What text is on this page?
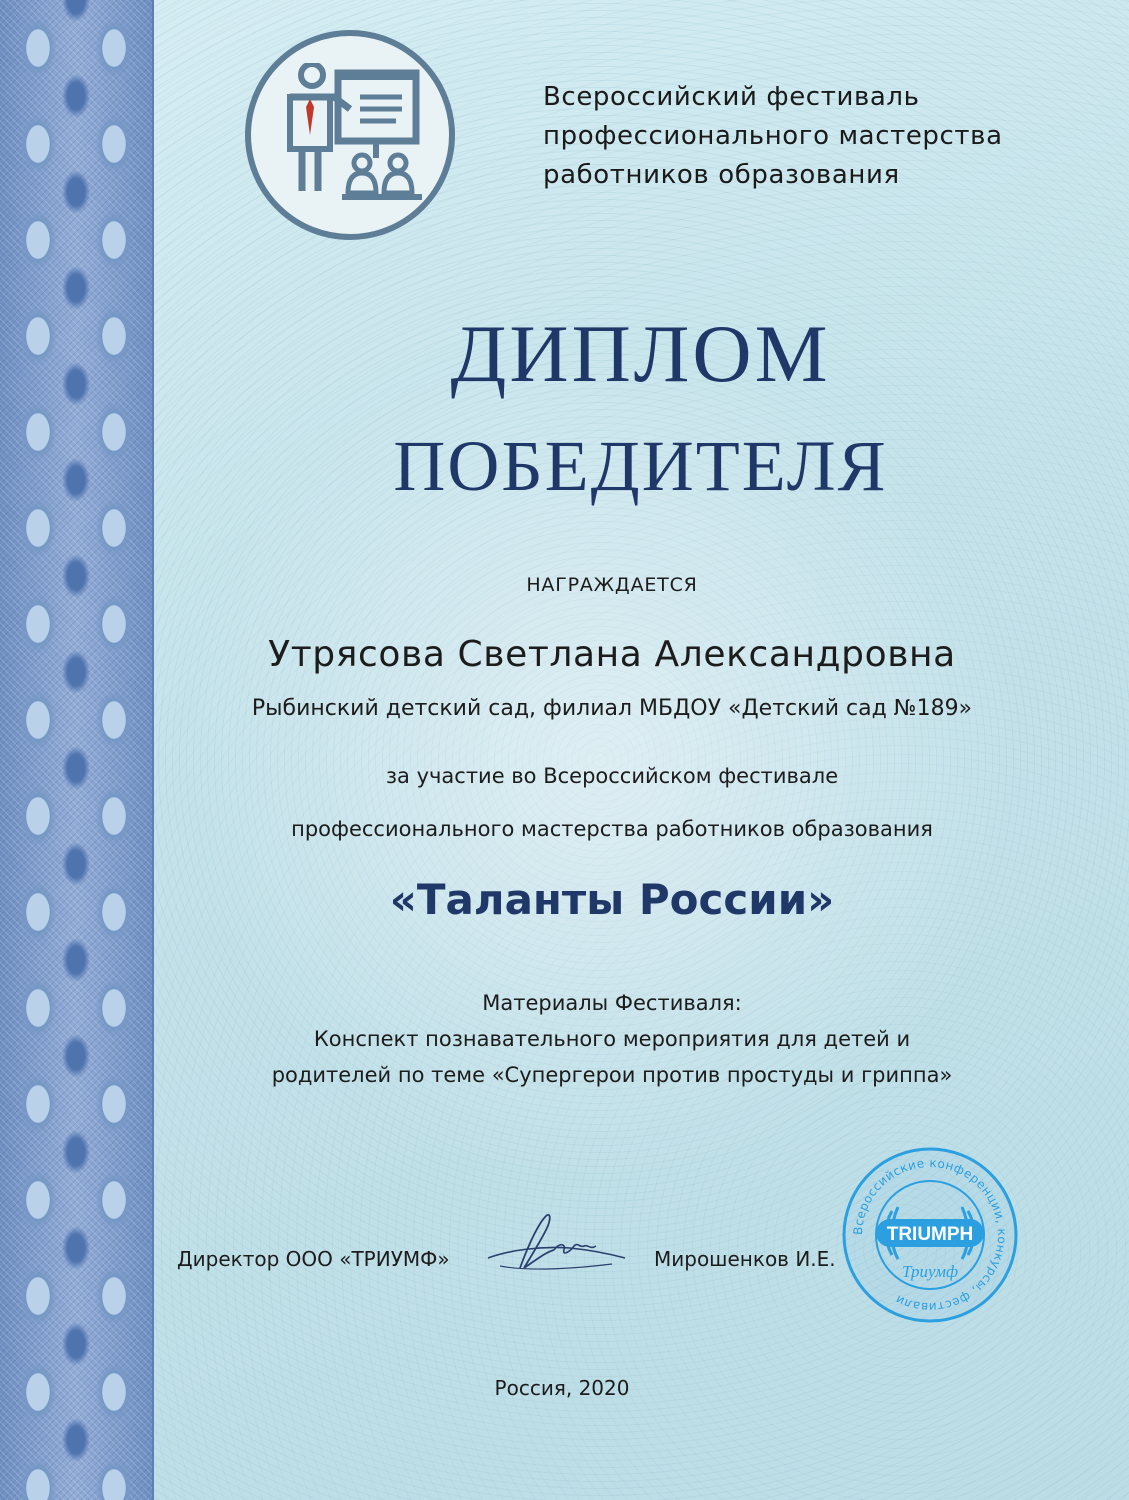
Всероссийский фестиваль
профессионального мастерства
работников образования
ДИПЛОМ
ПОБЕДИТЕЛЯ
НАГРАЖДАЕТСЯ
Утрясова Светлана Александровна
Рыбинский детский сад, филиал МБДОУ «Детский сад №189»
за участие во Всероссийском фестивале
профессионального мастерства работников образования
«Таланты России»
Материалы Фестиваля:
Конспект познавательного мероприятия для детей и
родителей по теме «Супергерои против простуды и гриппа»
Директор ООО «ТРИУМФ»	Мирошенков И.Е.
Всероссийские конференции, конкурсы, фестивали
TRIUMPH
Триумф
Россия, 2020
